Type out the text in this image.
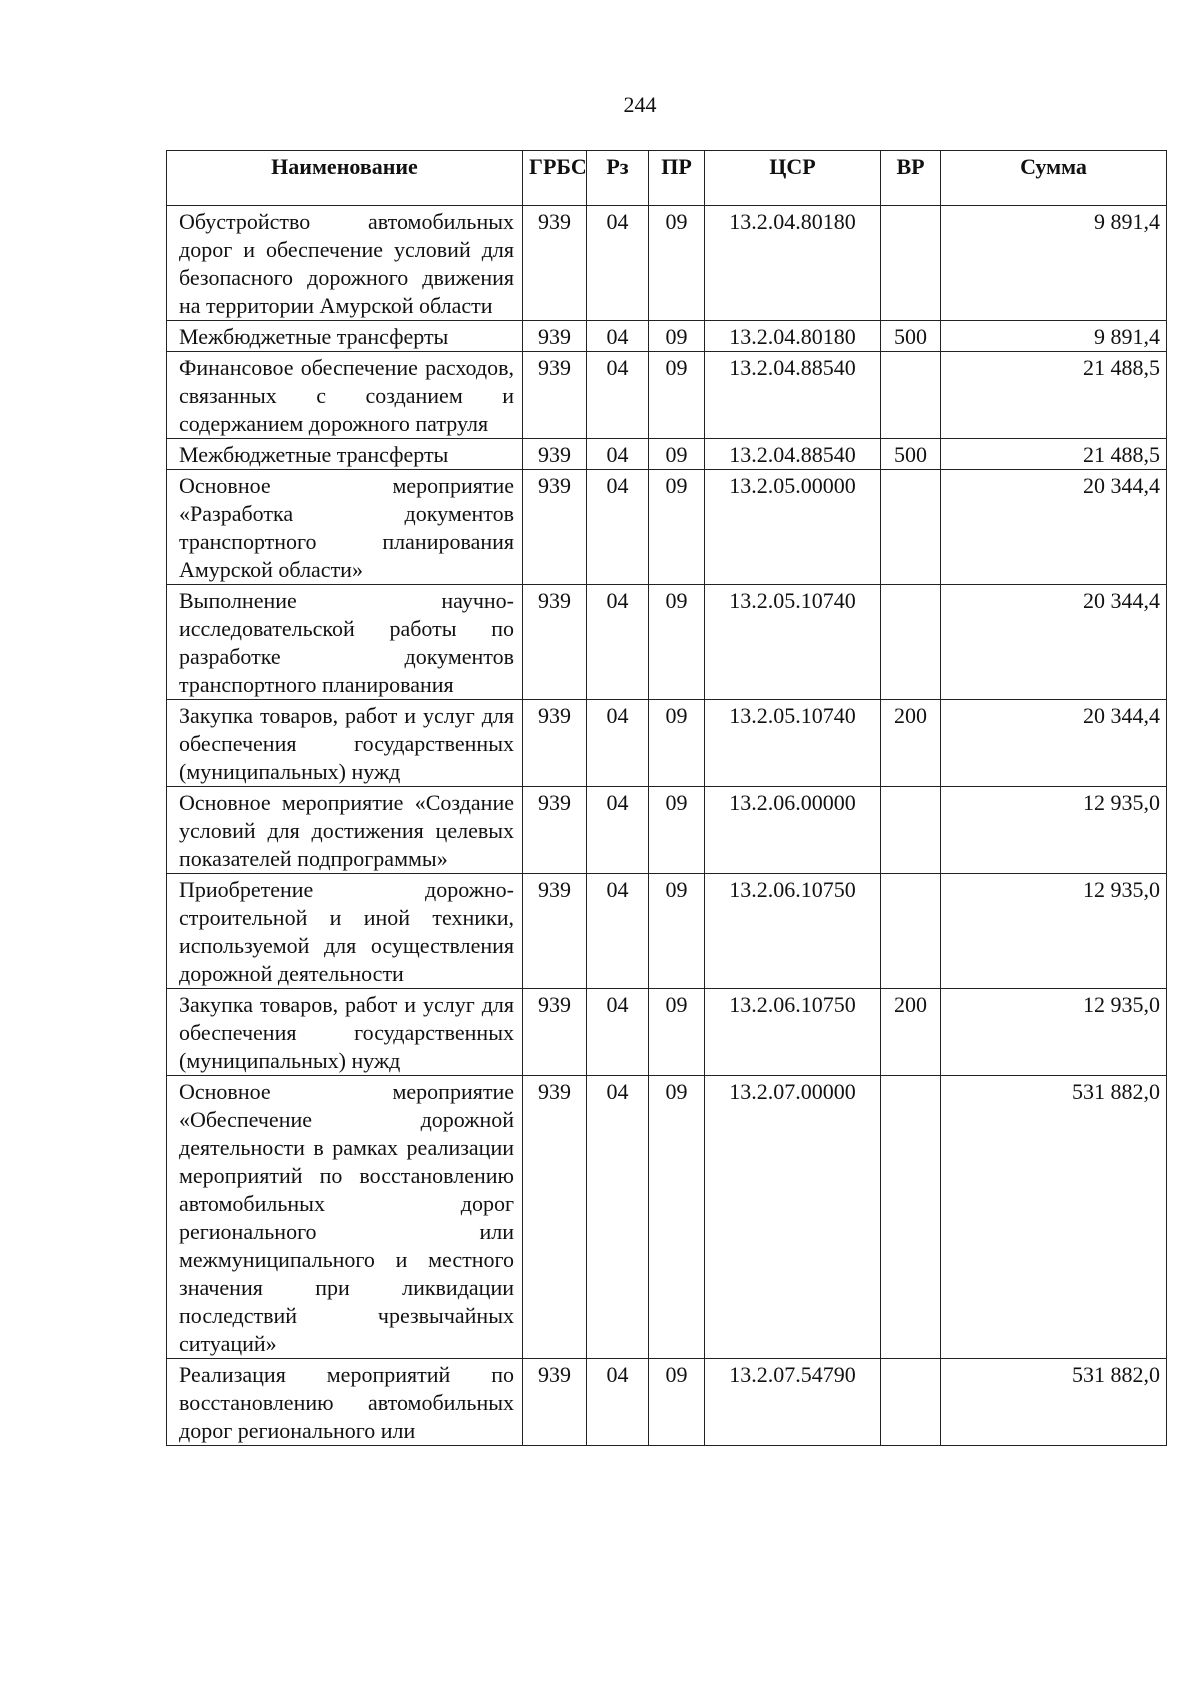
244
Наименование	ГРБС	Рз	ПР	ЦСР	ВР	Сумма
Обустройство автомобильных дорог и обеспечение условий для безопасного дорожного движения на территории Амурской области	939	04	09	13.2.04.80180		9 891,4
Межбюджетные трансферты	939	04	09	13.2.04.80180	500	9 891,4
Финансовое обеспечение расходов, связанных с созданием и содержанием дорожного патруля	939	04	09	13.2.04.88540		21 488,5
Межбюджетные трансферты	939	04	09	13.2.04.88540	500	21 488,5
Основное мероприятие «Разработка документов транспортного планирования Амурской области»	939	04	09	13.2.05.00000		20 344,4
Выполнение научно-исследовательской работы по разработке документов транспортного планирования	939	04	09	13.2.05.10740		20 344,4
Закупка товаров, работ и услуг для обеспечения государственных (муниципальных) нужд	939	04	09	13.2.05.10740	200	20 344,4
Основное мероприятие «Создание условий для достижения целевых показателей подпрограммы»	939	04	09	13.2.06.00000		12 935,0
Приобретение дорожно-строительной и иной техники, используемой для осуществления дорожной деятельности	939	04	09	13.2.06.10750		12 935,0
Закупка товаров, работ и услуг для обеспечения государственных (муниципальных) нужд	939	04	09	13.2.06.10750	200	12 935,0
Основное мероприятие «Обеспечение дорожной деятельности в рамках реализации мероприятий по восстановлению автомобильных дорог регионального или межмуниципального и местного значения при ликвидации последствий чрезвычайных ситуаций»	939	04	09	13.2.07.00000		531 882,0
Реализация мероприятий по восстановлению автомобильных дорог регионального или	939	04	09	13.2.07.54790		531 882,0
